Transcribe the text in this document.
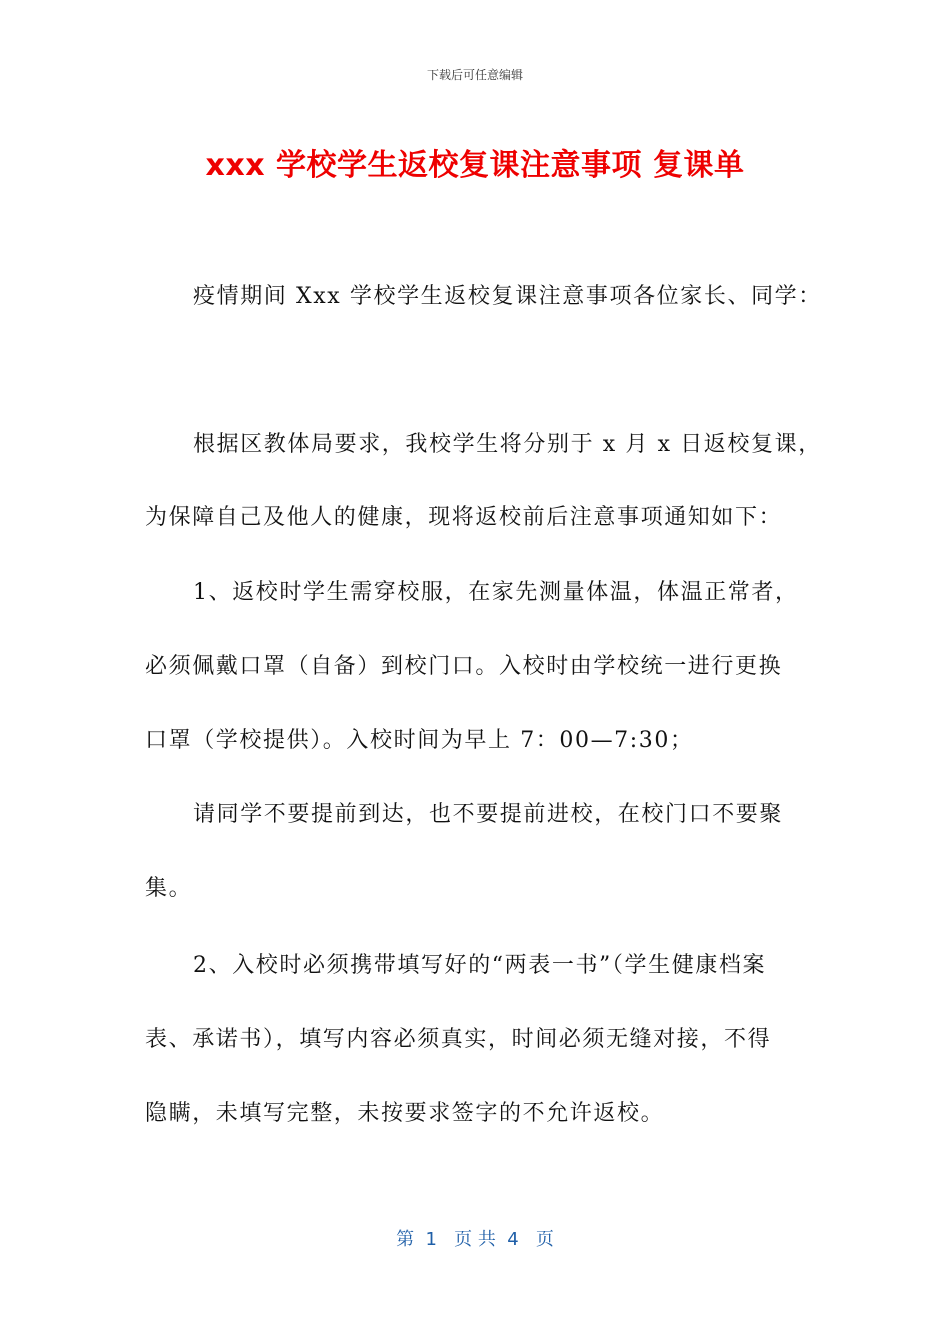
下载后可任意编辑
xxx 学校学生返校复课注意事项 复课单
疫情期间 Xxx 学校学生返校复课注意事项各位家长、同学：
根据区教体局要求，我校学生将分别于 x 月 x 日返校复课，
为保障自己及他人的健康，现将返校前后注意事项通知如下：
1、返校时学生需穿校服，在家先测量体温，体温正常者，
必须佩戴口罩（自备）到校门口。入校时由学校统一进行更换
口罩（学校提供）。入校时间为早上 7：00—7:30；
请同学不要提前到达，也不要提前进校，在校门口不要聚
集。
2、入校时必须携带填写好的“两表一书”（学生健康档案
表、承诺书），填写内容必须真实，时间必须无缝对接，不得
隐瞒，未填写完整，未按要求签字的不允许返校。
第  1   页 共  4   页
